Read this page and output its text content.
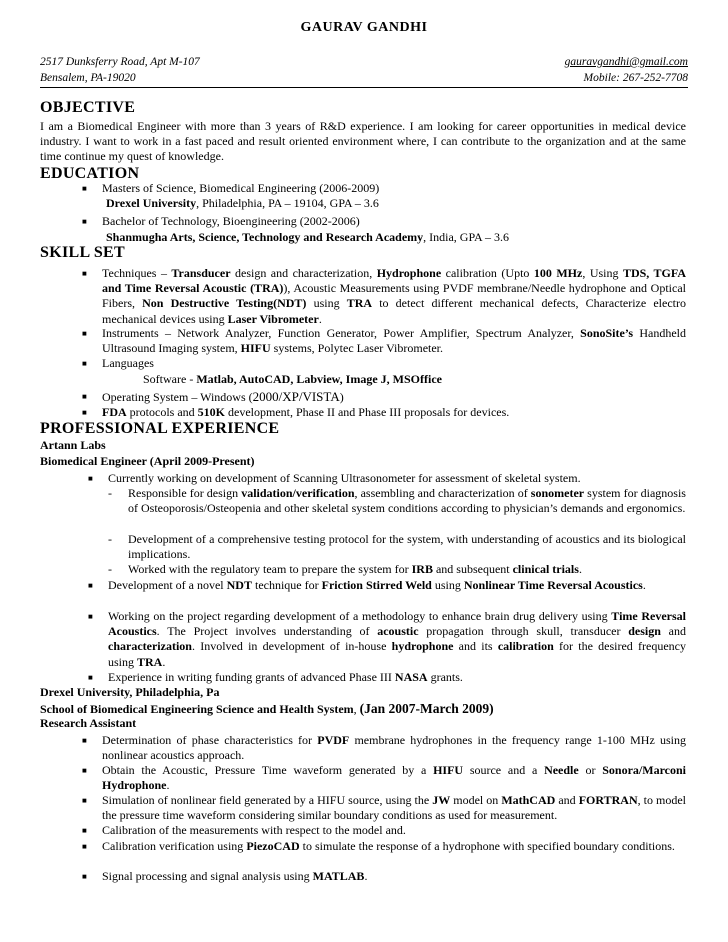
GAURAV GANDHI
2517 Dunksferry Road, Apt M-107	gauravgandhi@gmail.com
Bensalem, PA-19020	Mobile: 267-252-7708
OBJECTIVE
I am a Biomedical Engineer with more than 3 years of R&D experience. I am looking for career opportunities in medical device industry. I want to work in a fast paced and result oriented environment where, I can contribute to the organization and at the same time continue my quest of knowledge.
EDUCATION
■ Masters of Science, Biomedical Engineering (2006-2009)
Drexel University, Philadelphia, PA – 19104, GPA – 3.6
■ Bachelor of Technology, Bioengineering (2002-2006)
Shanmugha Arts, Science, Technology and Research Academy, India, GPA – 3.6
SKILL SET
■ Techniques – Transducer design and characterization, Hydrophone calibration (Upto 100 MHz, Using TDS, TGFA and Time Reversal Acoustic (TRA)), Acoustic Measurements using PVDF membrane/Needle hydrophone and Optical Fibers, Non Destructive Testing(NDT) using TRA to detect different mechanical defects, Characterize electro mechanical devices using Laser Vibrometer.
■ Instruments – Network Analyzer, Function Generator, Power Amplifier, Spectrum Analyzer, SonoSite’s Handheld Ultrasound Imaging system, HIFU systems, Polytec Laser Vibrometer.
■ Languages
Software - Matlab, AutoCAD, Labview, Image J, MSOffice
■ Operating System – Windows (2000/XP/VISTA)
■ FDA protocols and 510K development, Phase II and Phase III proposals for devices.
PROFESSIONAL EXPERIENCE
Artann Labs
Biomedical Engineer (April 2009-Present)
■ Currently working on development of Scanning Ultrasonometer for assessment of skeletal system.
- Responsible for design validation/verification, assembling and characterization of sonometer system for diagnosis of Osteoporosis/Osteopenia and other skeletal system conditions according to physician’s demands and ergonomics.
- Development of a comprehensive testing protocol for the system, with understanding of acoustics and its biological implications.
- Worked with the regulatory team to prepare the system for IRB and subsequent clinical trials.
■ Development of a novel NDT technique for Friction Stirred Weld using Nonlinear Time Reversal Acoustics.
■ Working on the project regarding development of a methodology to enhance brain drug delivery using Time Reversal Acoustics. The Project involves understanding of acoustic propagation through skull, transducer design and characterization. Involved in development of in-house hydrophone and its calibration for the desired frequency using TRA.
■ Experience in writing funding grants of advanced Phase III NASA grants.
Drexel University, Philadelphia, Pa
School of Biomedical Engineering Science and Health System, (Jan 2007-March 2009)
Research Assistant
■ Determination of phase characteristics for PVDF membrane hydrophones in the frequency range 1-100 MHz using nonlinear acoustics approach.
■ Obtain the Acoustic, Pressure Time waveform generated by a HIFU source and a Needle or Sonora/Marconi Hydrophone.
■ Simulation of nonlinear field generated by a HIFU source, using the JW model on MathCAD and FORTRAN, to model the pressure time waveform considering similar boundary conditions as used for measurement.
■ Calibration of the measurements with respect to the model and.
■ Calibration verification using PiezoCAD to simulate the response of a hydrophone with specified boundary conditions.
■ Signal processing and signal analysis using MATLAB.
